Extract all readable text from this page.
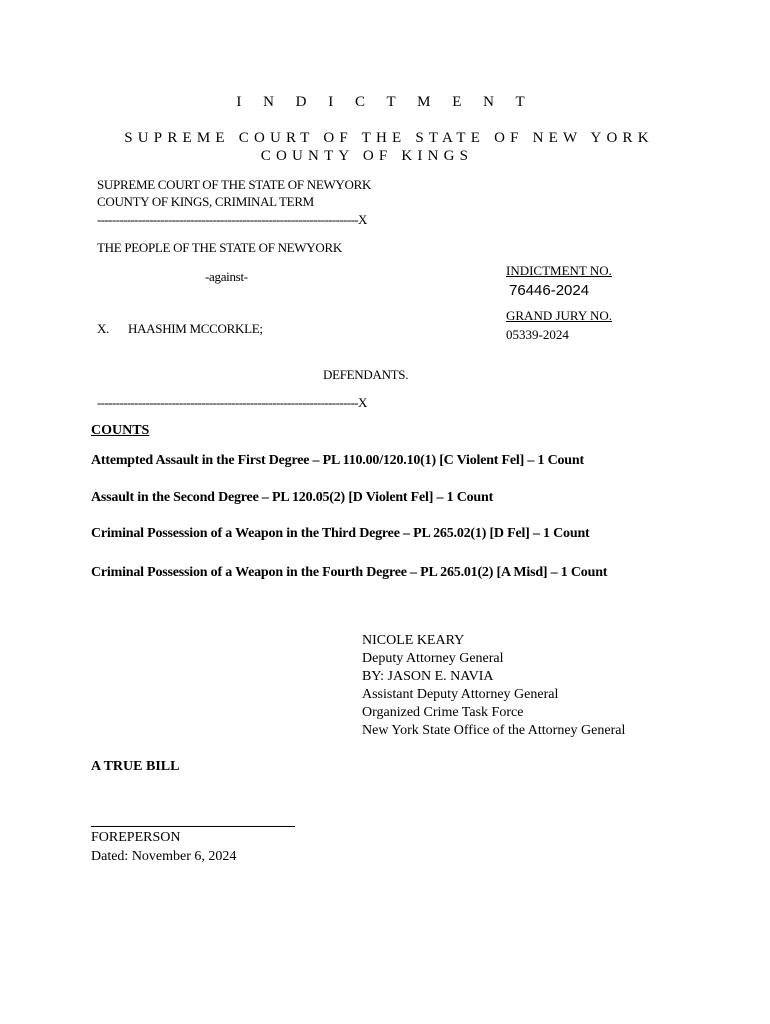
I N D I C T M E N T
SUPREME COURT OF THE STATE OF NEW YORK
COUNTY OF KINGS
SUPREME COURT OF THE STATE OF NEWYORK
COUNTY OF KINGS, CRIMINAL TERM
----------------------------------------------------------------------X
THE PEOPLE OF THE STATE OF NEWYORK
-against-
X. HAASHIM MCCORKLE;
DEFENDANTS.
----------------------------------------------------------------------X
INDICTMENT NO.
76446-2024
GRAND JURY NO.
05339-2024
COUNTS
Attempted Assault in the First Degree – PL 110.00/120.10(1) [C Violent Fel] – 1 Count
Assault in the Second Degree – PL 120.05(2) [D Violent Fel] – 1 Count
Criminal Possession of a Weapon in the Third Degree – PL 265.02(1) [D Fel] – 1 Count
Criminal Possession of a Weapon in the Fourth Degree – PL 265.01(2) [A Misd] – 1 Count
NICOLE KEARY
Deputy Attorney General
BY: JASON E. NAVIA
Assistant Deputy Attorney General
Organized Crime Task Force
New York State Office of the Attorney General
A TRUE BILL
FOREPERSON
Dated: November 6, 2024
